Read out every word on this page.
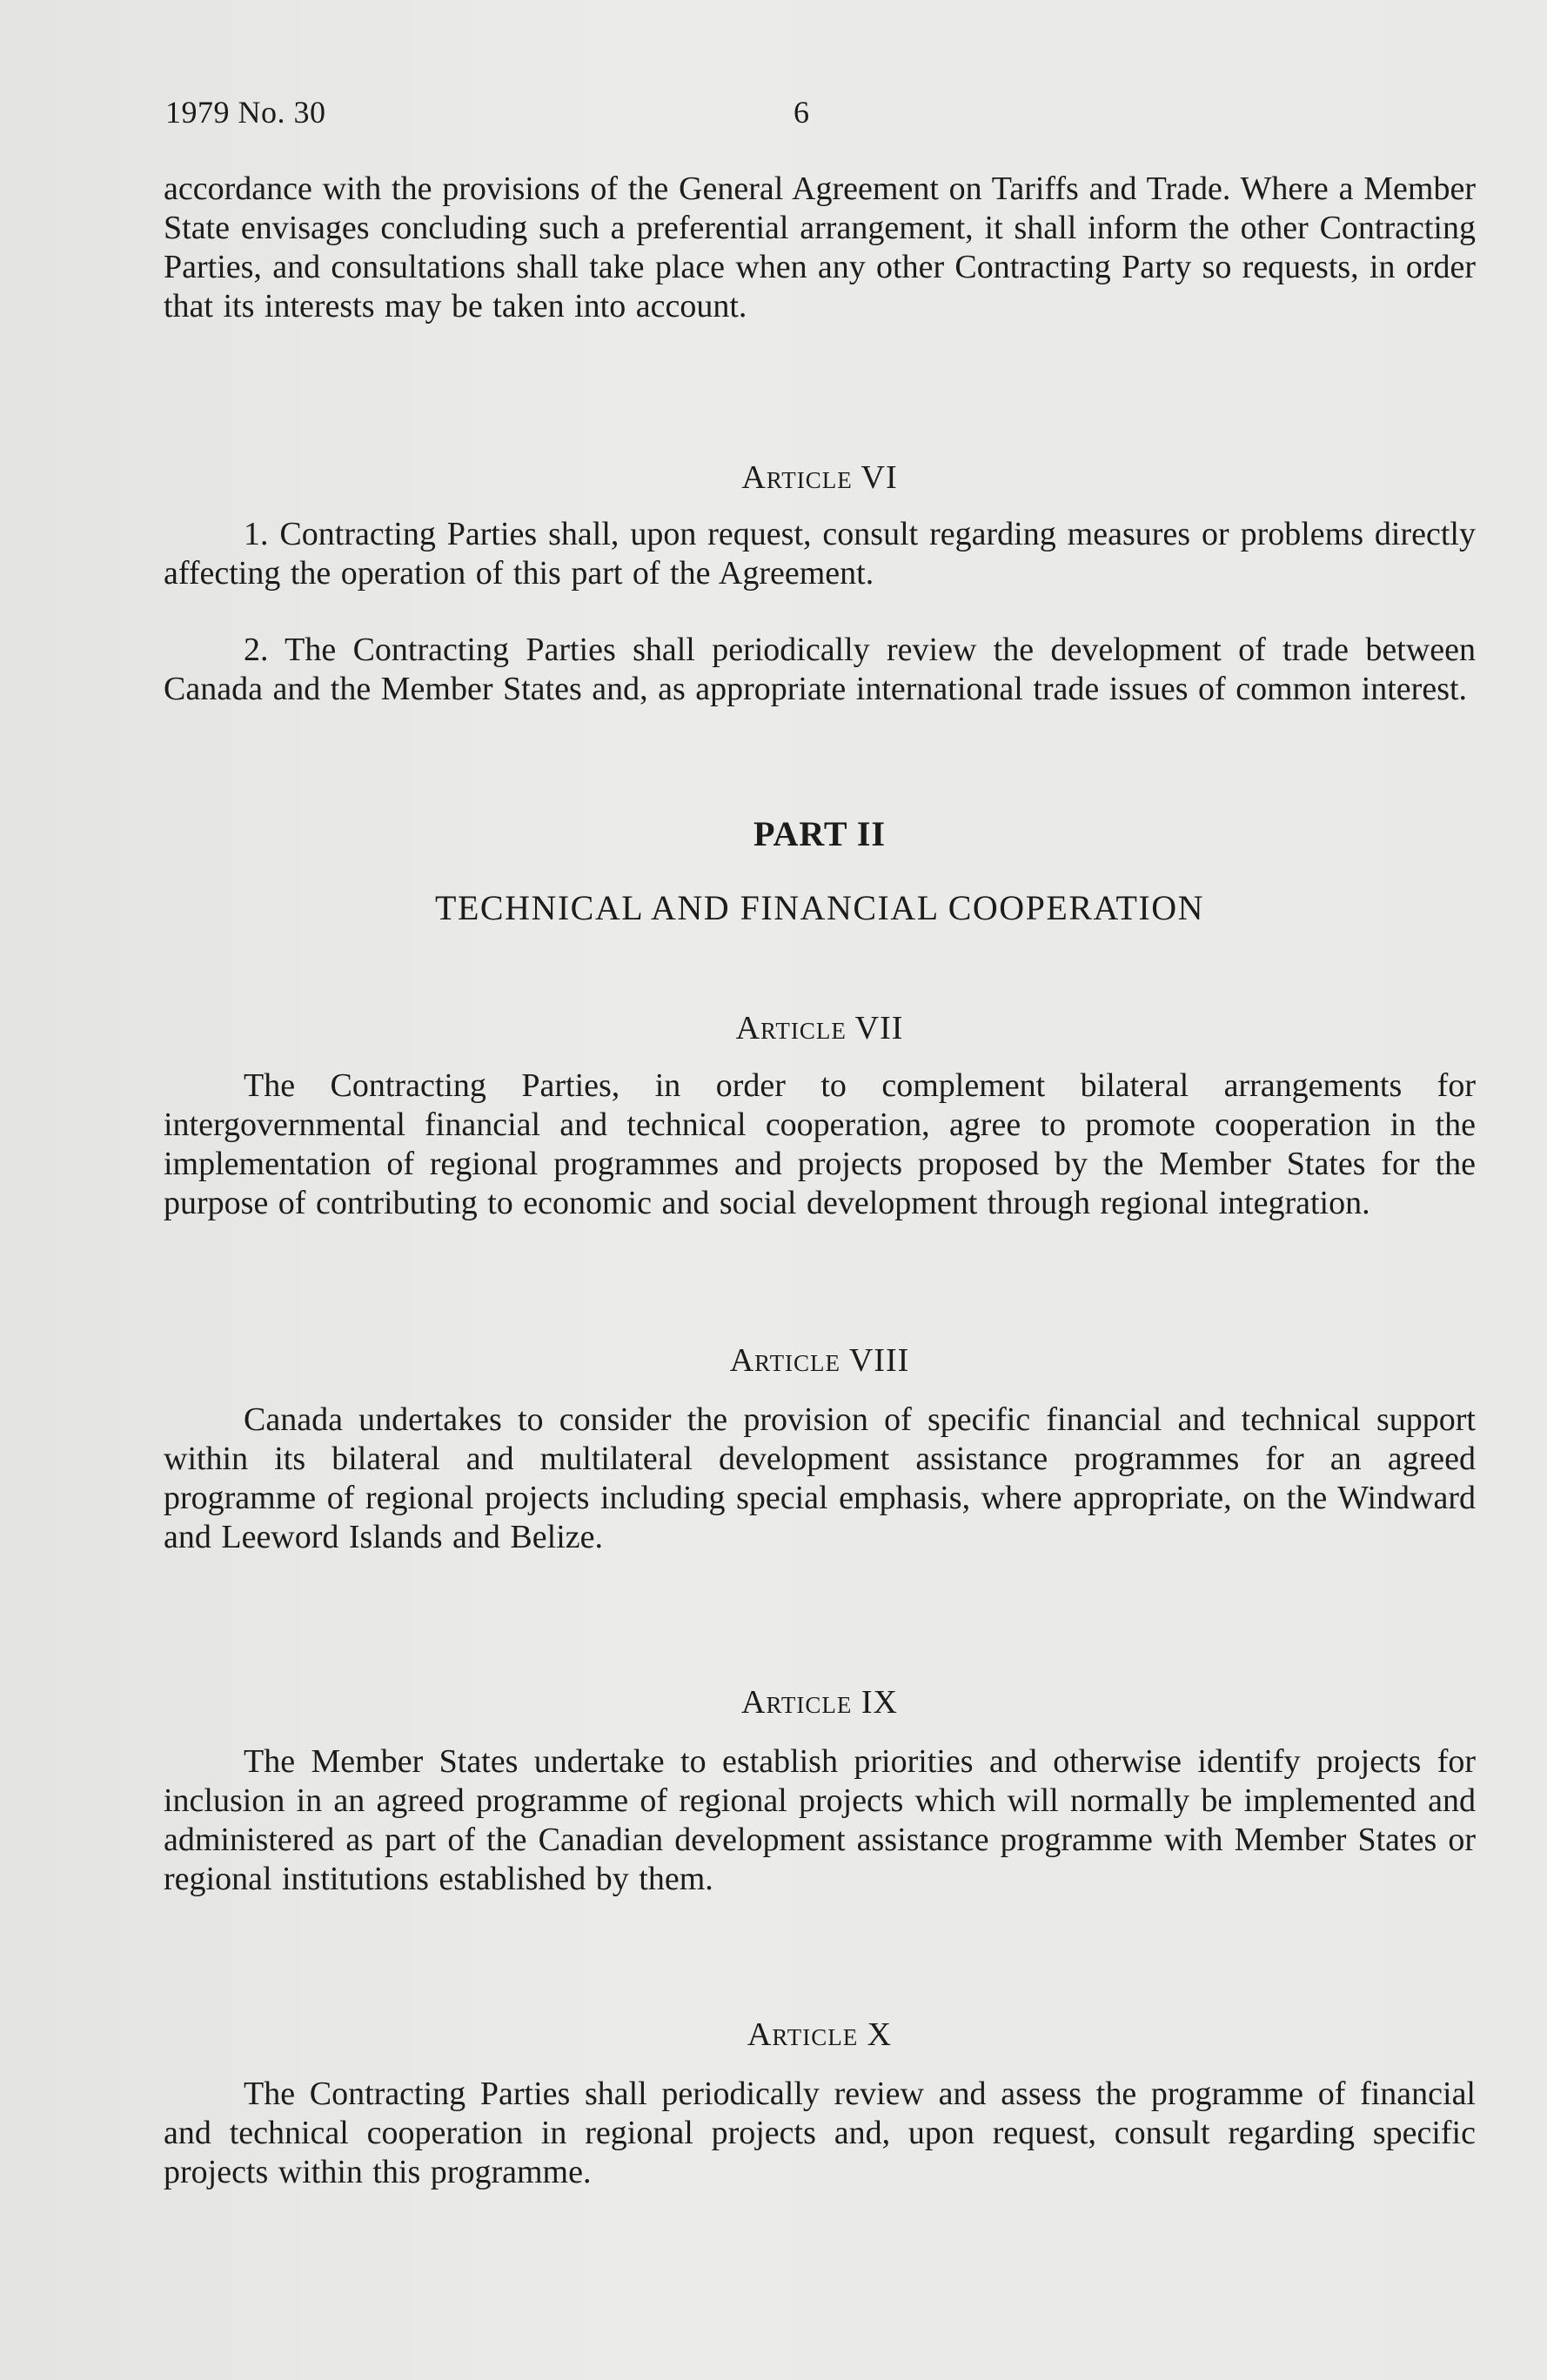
1979 No. 30	6

accordance with the provisions of the General Agreement on Tariffs and Trade. Where a Member State envisages concluding such a preferential arrangement, it shall inform the other Contracting Parties, and consultations shall take place when any other Contracting Party so requests, in order that its interests may be taken into account.

Article VI

1. Contracting Parties shall, upon request, consult regarding measures or problems directly affecting the operation of this part of the Agreement.

2. The Contracting Parties shall periodically review the development of trade between Canada and the Member States and, as appropriate international trade issues of common interest.

PART II
TECHNICAL AND FINANCIAL COOPERATION
Article VII

The Contracting Parties, in order to complement bilateral arrangements for intergovernmental financial and technical cooperation, agree to promote cooperation in the implementation of regional programmes and projects proposed by the Member States for the purpose of contributing to economic and social development through regional integration.

Article VIII

Canada undertakes to consider the provision of specific financial and technical support within its bilateral and multilateral development assistance programmes for an agreed programme of regional projects including special emphasis, where appropriate, on the Windward and Leeword Islands and Belize.

Article IX

The Member States undertake to establish priorities and otherwise identify projects for inclusion in an agreed programme of regional projects which will normally be implemented and administered as part of the Canadian development assistance programme with Member States or regional institutions established by them.

Article X

The Contracting Parties shall periodically review and assess the programme of financial and technical cooperation in regional projects and, upon request, consult regarding specific projects within this programme.
